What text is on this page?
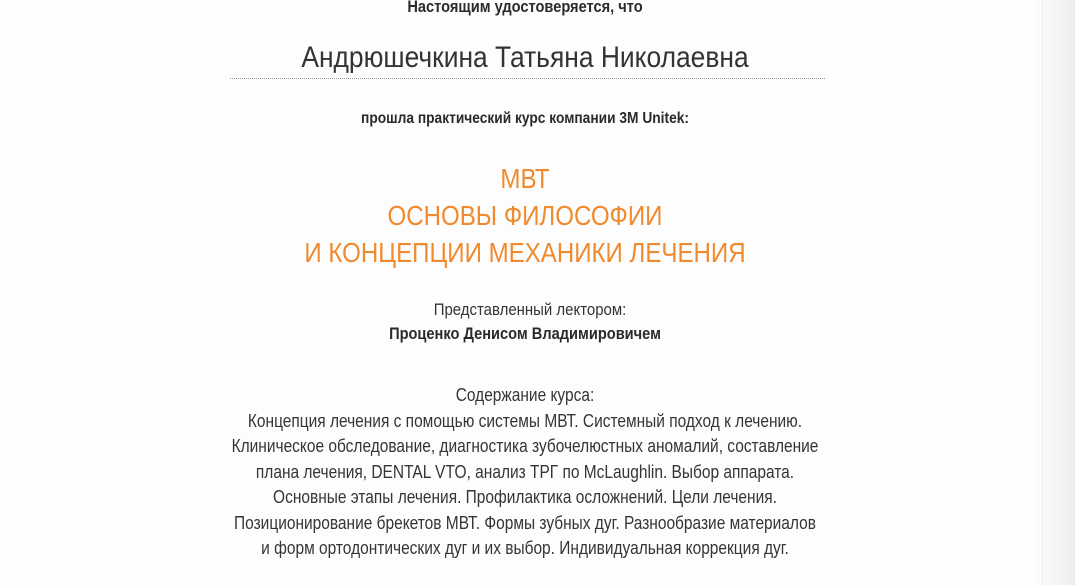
Настоящим удостоверяется, что
Андрюшечкина Татьяна Николаевна
прошла практический курс компании 3M Unitek:
МВТ
ОСНОВЫ ФИЛОСОФИИ
И КОНЦЕПЦИИ МЕХАНИКИ ЛЕЧЕНИЯ
Представленный лектором:
Проценко Денисом Владимировичем
Содержание курса:
Концепция лечения с помощью системы МВТ. Системный подход к лечению.
Клиническое обследование, диагностика зубочелюстных аномалий, составление
плана лечения, DENTAL VTO, анализ ТРГ по McLaughlin. Выбор аппарата.
Основные этапы лечения. Профилактика осложнений. Цели лечения.
Позиционирование брекетов МВТ. Формы зубных дуг. Разнообразие материалов
и форм ортодонтических дуг и их выбор. Индивидуальная коррекция дуг.
